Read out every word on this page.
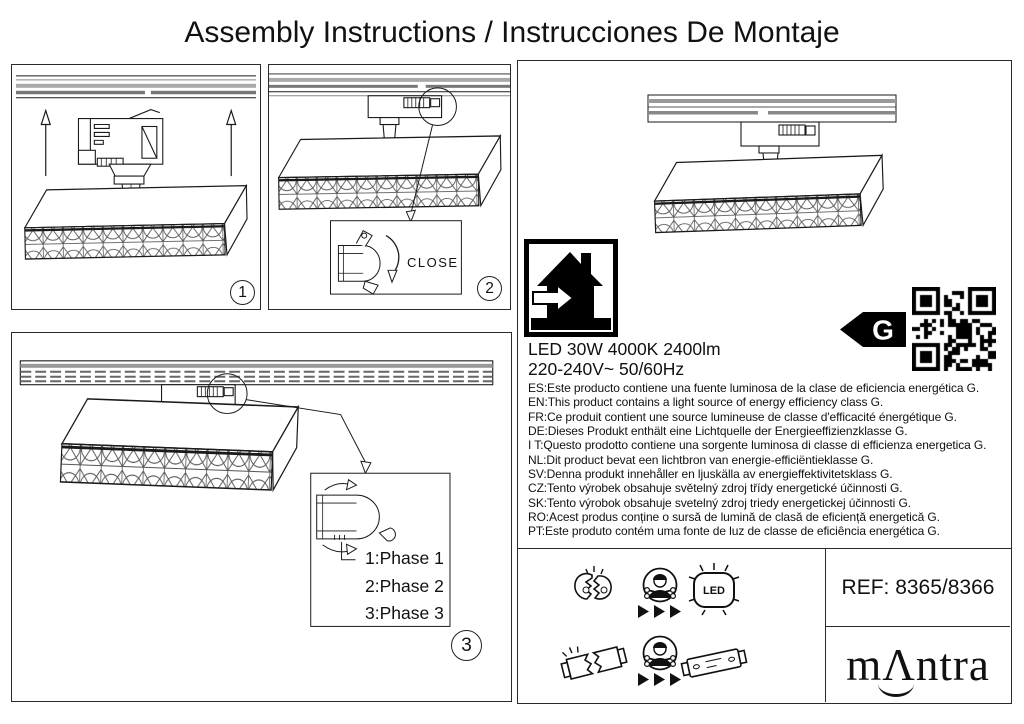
Assembly Instructions / Instrucciones De Montaje
1
CLOSE
2
1:Phase 1
2:Phase 2
3:Phase 3
3
LED 30W 4000K 2400lm
220-240V~ 50/60Hz
ES:Este producto contiene una fuente luminosa de la clase de eficiencia energética G.
EN:This product contains a light source of energy efficiency class G.
FR:Ce produit contient une source lumineuse de classe d'efficacité énergétique G.
DE:Dieses Produkt enthält eine Lichtquelle der Energieeffizienzklasse G.
I T:Questo prodotto contiene una sorgente luminosa di classe di efficienza energetica G.
NL:Dit product bevat een lichtbron van energie-efficiëntieklasse G.
SV:Denna produkt innehåller en ljuskälla av energieffektivitetsklass G.
CZ:Tento výrobek obsahuje světelný zdroj třídy energetické účinnosti G.
SK:Tento výrobok obsahuje svetelný zdroj triedy energetickej účinnosti G.
RO:Acest produs conține o sursă de lumină de clasă de eficiență energetică G.
PT:Este produto contém uma fonte de luz de classe de eficiência energética G.
G
LED	REF: 8365/8366
m Λ ntra
